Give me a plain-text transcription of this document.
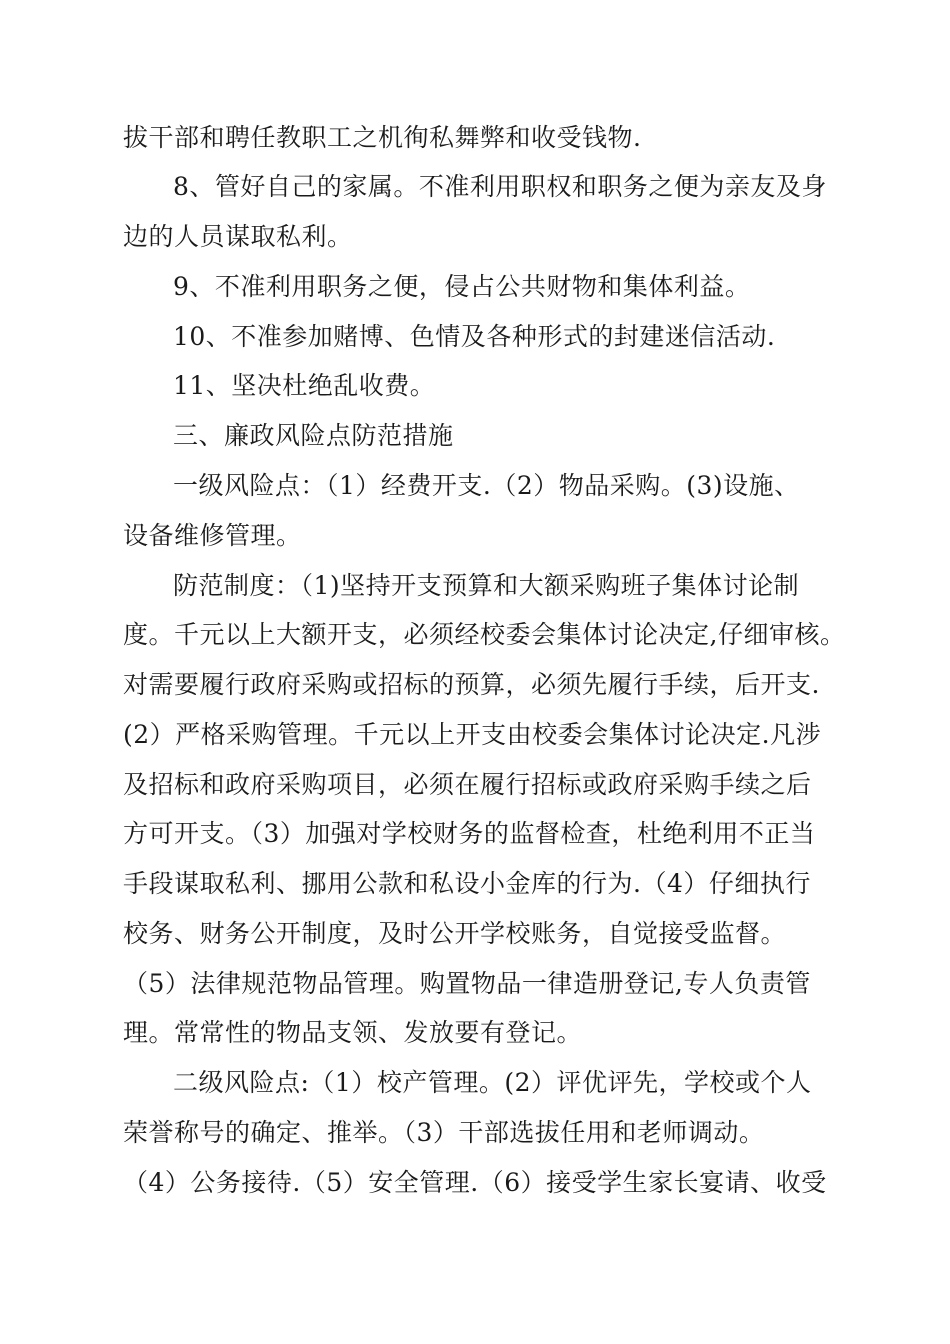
拔干部和聘任教职工之机徇私舞弊和收受钱物.
8、管好自己的家属。不准利用职权和职务之便为亲友及身
边的人员谋取私利。
9、不准利用职务之便，侵占公共财物和集体利益。
10、不准参加赌博、色情及各种形式的封建迷信活动.
11、坚决杜绝乱收费。
三、廉政风险点防范措施
一级风险点：（1）经费开支.（2）物品采购。(3)设施、
设备维修管理。
防范制度：（1)坚持开支预算和大额采购班子集体讨论制
度。千元以上大额开支，必须经校委会集体讨论决定,仔细审核。
对需要履行政府采购或招标的预算，必须先履行手续，后开支.
(2）严格采购管理。千元以上开支由校委会集体讨论决定.凡涉
及招标和政府采购项目，必须在履行招标或政府采购手续之后
方可开支。（3）加强对学校财务的监督检查，杜绝利用不正当
手段谋取私利、挪用公款和私设小金库的行为.（4）仔细执行
校务、财务公开制度，及时公开学校账务，自觉接受监督。
（5）法律规范物品管理。购置物品一律造册登记,专人负责管
理。常常性的物品支领、发放要有登记。
二级风险点:（1）校产管理。(2）评优评先，学校或个人
荣誉称号的确定、推举。（3）干部选拔任用和老师调动。
（4）公务接待.（5）安全管理.（6）接受学生家长宴请、收受
